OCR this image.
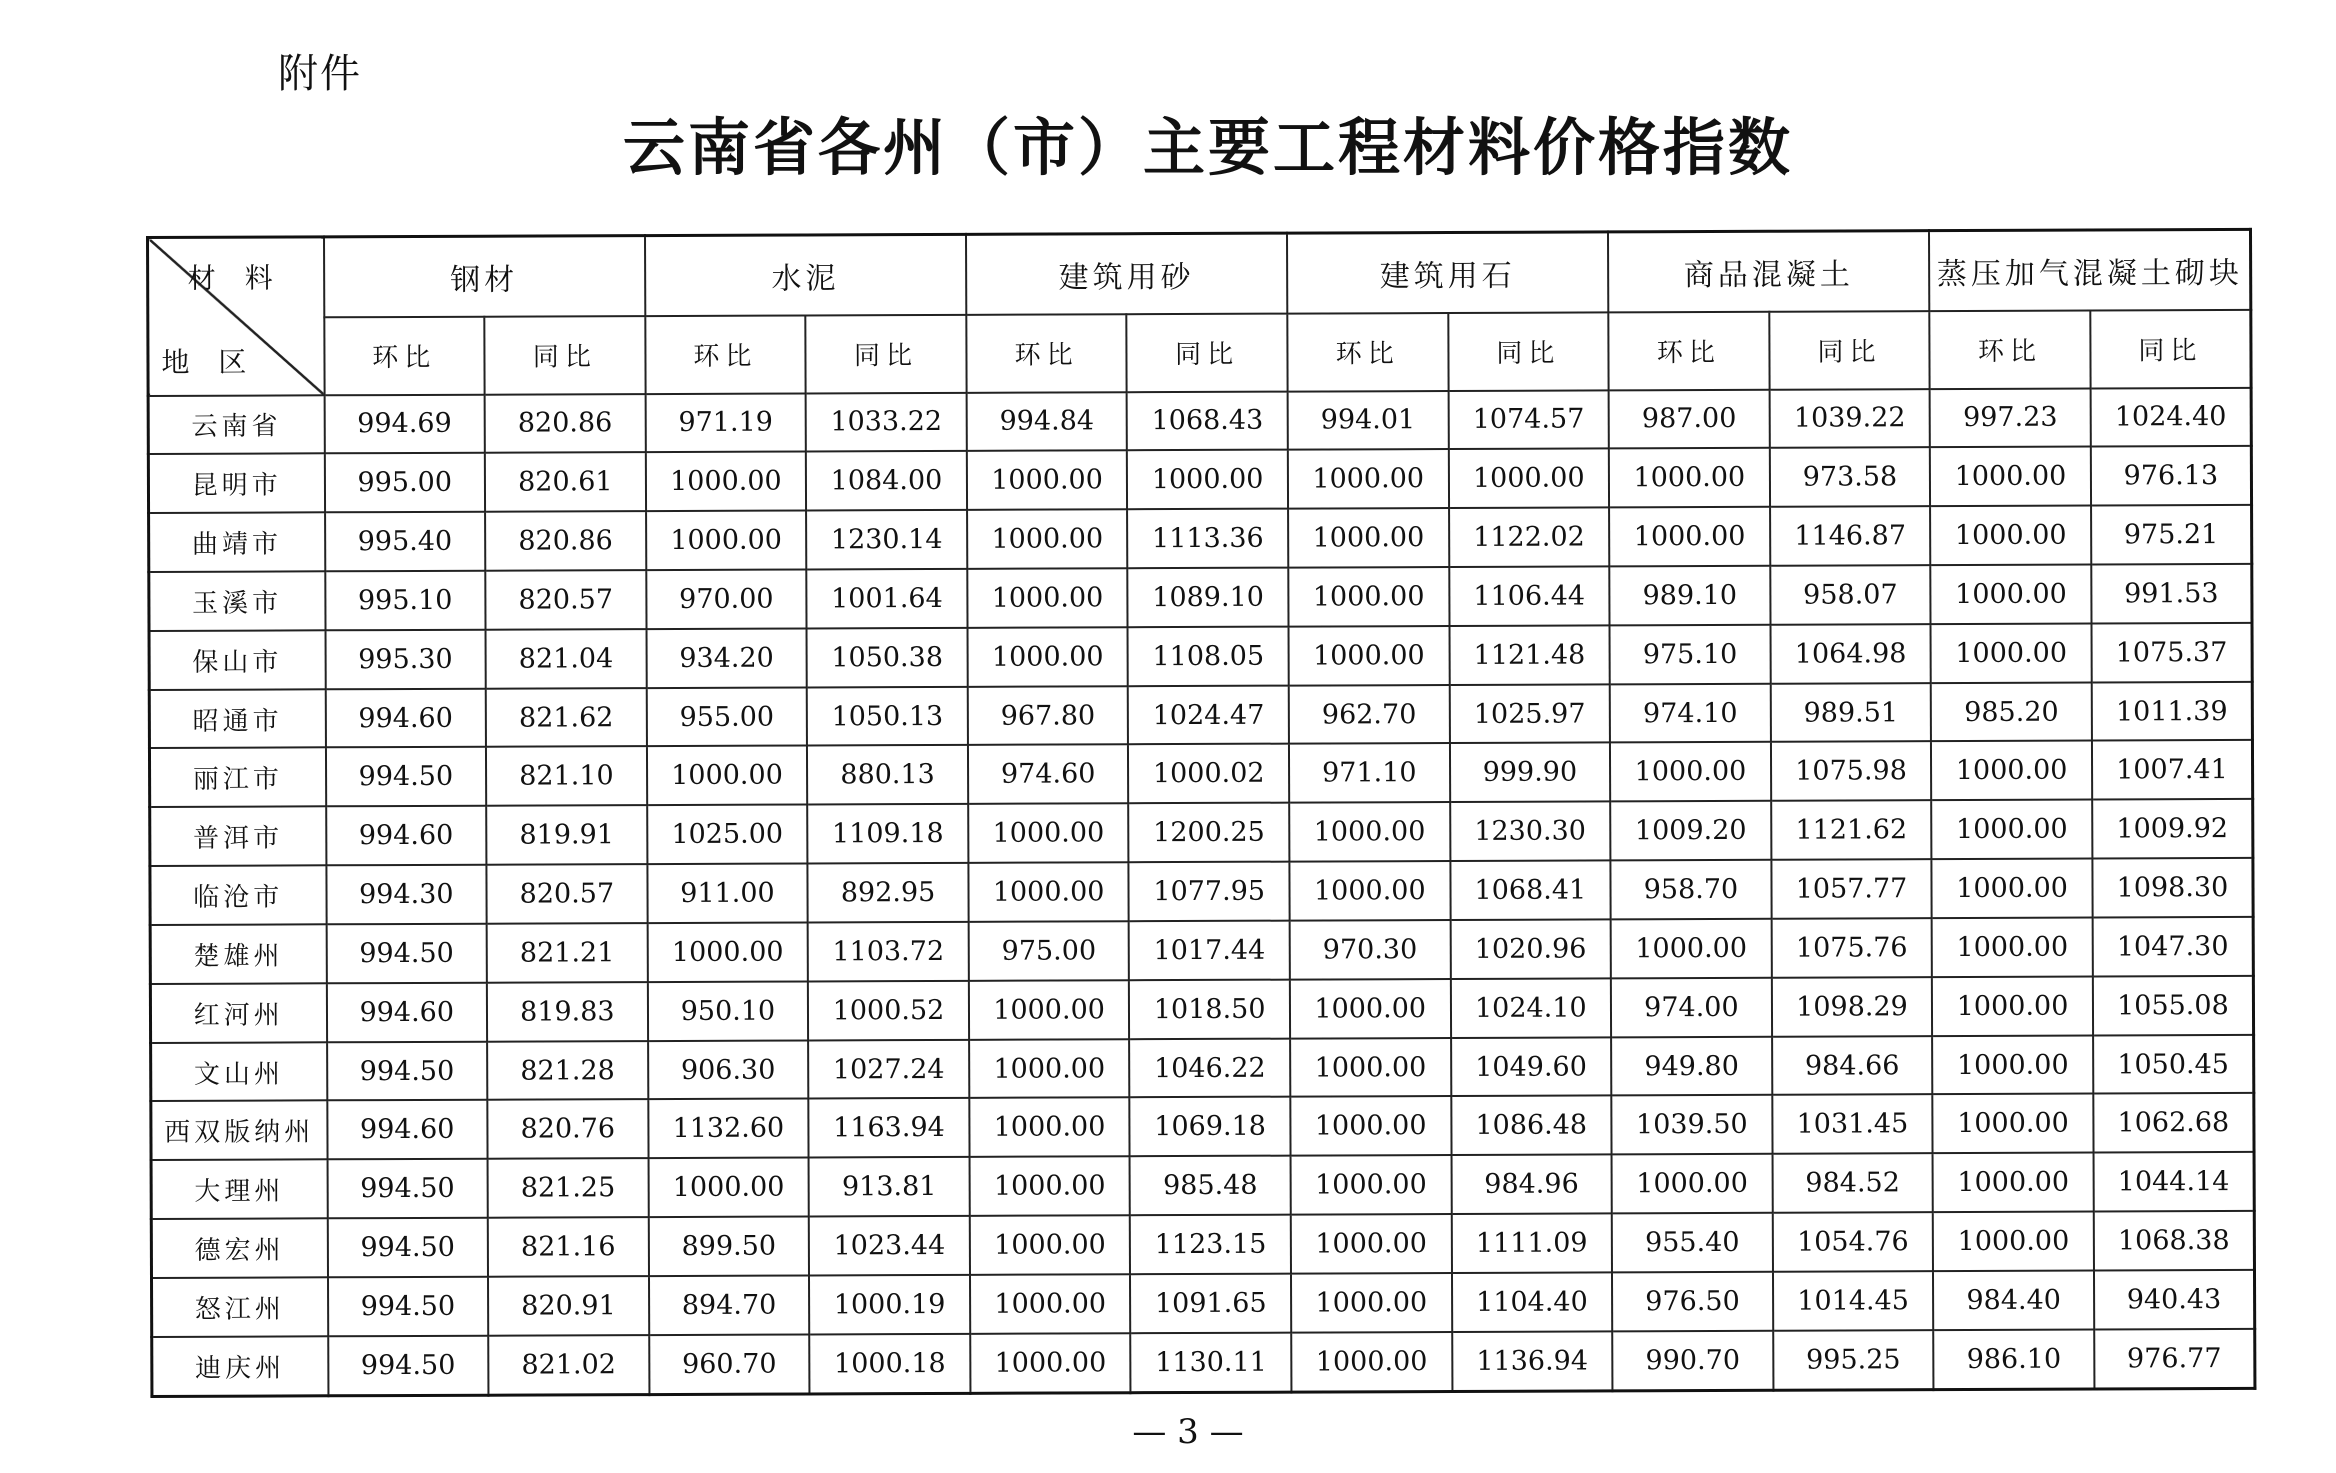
附件
云南省各州（市）主要工程材料价格指数
材 料
地 区	钢材		水泥		建筑用砂		建筑用石		商品混凝土		蒸压加气混凝土砌块	
	环比	同比	环比	同比	环比	同比	环比	同比	环比	同比	环比	同比
云南省	994.69	820.86	971.19	1033.22	994.84	1068.43	994.01	1074.57	987.00	1039.22	997.23	1024.40
昆明市	995.00	820.61	1000.00	1084.00	1000.00	1000.00	1000.00	1000.00	1000.00	973.58	1000.00	976.13
曲靖市	995.40	820.86	1000.00	1230.14	1000.00	1113.36	1000.00	1122.02	1000.00	1146.87	1000.00	975.21
玉溪市	995.10	820.57	970.00	1001.64	1000.00	1089.10	1000.00	1106.44	989.10	958.07	1000.00	991.53
保山市	995.30	821.04	934.20	1050.38	1000.00	1108.05	1000.00	1121.48	975.10	1064.98	1000.00	1075.37
昭通市	994.60	821.62	955.00	1050.13	967.80	1024.47	962.70	1025.97	974.10	989.51	985.20	1011.39
丽江市	994.50	821.10	1000.00	880.13	974.60	1000.02	971.10	999.90	1000.00	1075.98	1000.00	1007.41
普洱市	994.60	819.91	1025.00	1109.18	1000.00	1200.25	1000.00	1230.30	1009.20	1121.62	1000.00	1009.92
临沧市	994.30	820.57	911.00	892.95	1000.00	1077.95	1000.00	1068.41	958.70	1057.77	1000.00	1098.30
楚雄州	994.50	821.21	1000.00	1103.72	975.00	1017.44	970.30	1020.96	1000.00	1075.76	1000.00	1047.30
红河州	994.60	819.83	950.10	1000.52	1000.00	1018.50	1000.00	1024.10	974.00	1098.29	1000.00	1055.08
文山州	994.50	821.28	906.30	1027.24	1000.00	1046.22	1000.00	1049.60	949.80	984.66	1000.00	1050.45
西双版纳州	994.60	820.76	1132.60	1163.94	1000.00	1069.18	1000.00	1086.48	1039.50	1031.45	1000.00	1062.68
大理州	994.50	821.25	1000.00	913.81	1000.00	985.48	1000.00	984.96	1000.00	984.52	1000.00	1044.14
德宏州	994.50	821.16	899.50	1023.44	1000.00	1123.15	1000.00	1111.09	955.40	1054.76	1000.00	1068.38
怒江州	994.50	820.91	894.70	1000.19	1000.00	1091.65	1000.00	1104.40	976.50	1014.45	984.40	940.43
迪庆州	994.50	821.02	960.70	1000.18	1000.00	1130.11	1000.00	1136.94	990.70	995.25	986.10	976.77
— 3 —
